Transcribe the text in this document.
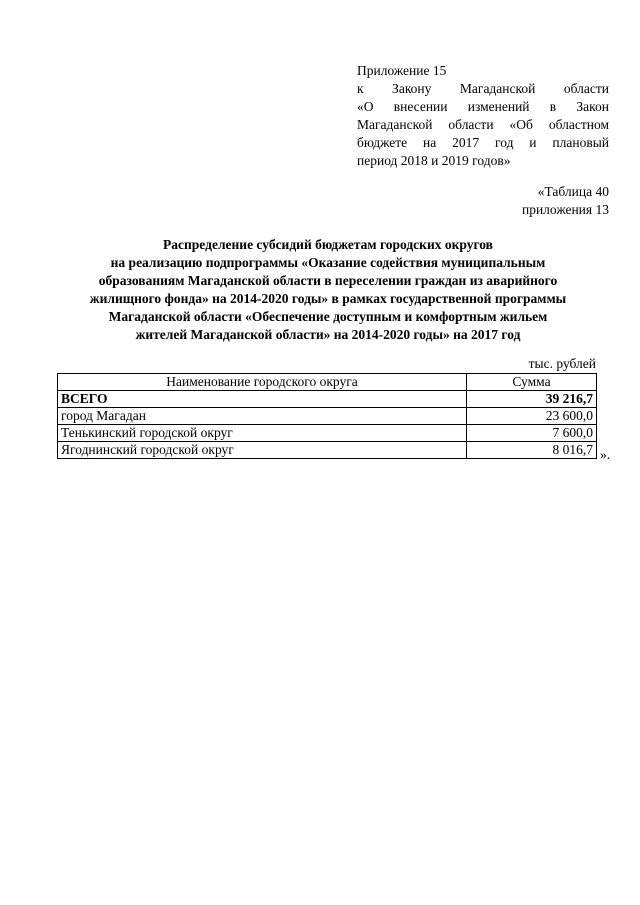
Приложение 15
к Закону Магаданской области
«О внесении изменений в Закон
Магаданской области «Об областном
бюджете на 2017 год и плановый
период 2018 и 2019 годов»
«Таблица 40
приложения 13
Распределение субсидий бюджетам городских округов
на реализацию подпрограммы «Оказание содействия муниципальным
образованиям Магаданской области в переселении граждан из аварийного
жилищного фонда» на 2014-2020 годы» в рамках государственной программы
Магаданской области «Обеспечение доступным и комфортным жильем
жителей Магаданской области» на 2014-2020 годы» на 2017 год
тыс. рублей
Наименование городского округа	Сумма
ВСЕГО	39 216,7
город Магадан	23 600,0
Тенькинский городской округ	7 600,0
Ягоднинский городской округ	8 016,7 ».
